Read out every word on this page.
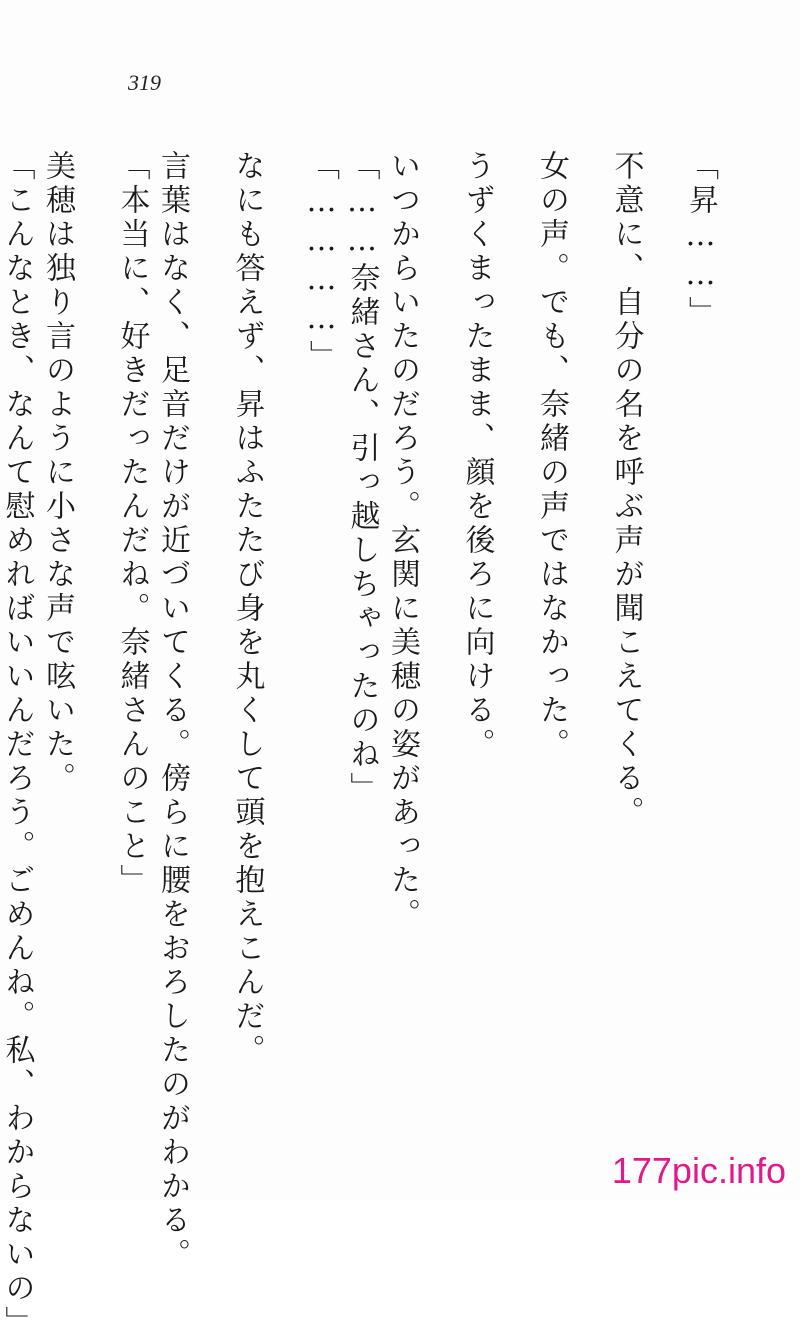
319
「昇……」
不意に、自分の名を呼ぶ声が聞こえてくる。
女の声。でも、奈緒の声ではなかった。
うずくまったまま、顔を後ろに向ける。
いつからいたのだろう。玄関に美穂の姿があった。
「……奈緒さん、引っ越しちゃったのね」
「…………」
なにも答えず、昇はふたたび身を丸くして頭を抱えこんだ。
言葉はなく、足音だけが近づいてくる。傍らに腰をおろしたのがわかる。
「本当に、好きだったんだね。奈緒さんのこと」
美穂は独り言のように小さな声で呟いた。
「こんなとき、なんて慰めればいいんだろう。ごめんね。私、わからないの」	177pic.info
